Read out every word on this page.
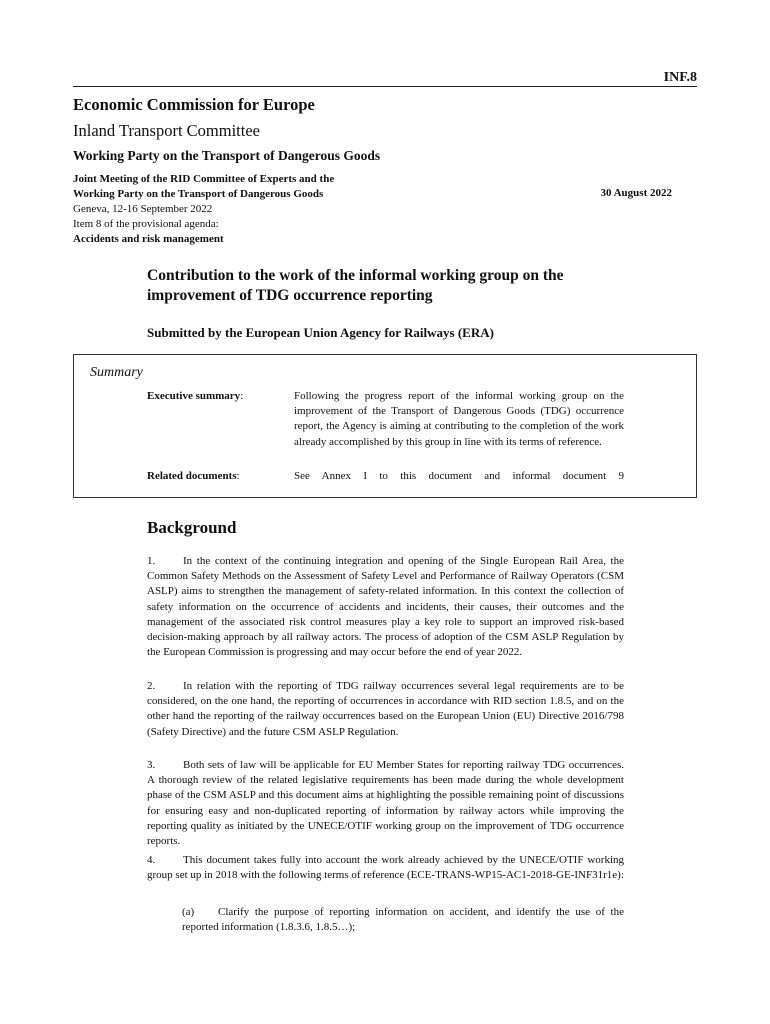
INF.8
Economic Commission for Europe
Inland Transport Committee
Working Party on the Transport of Dangerous Goods
Joint Meeting of the RID Committee of Experts and the
Working Party on the Transport of Dangerous Goods	30 August 2022
Geneva, 12-16 September 2022
Item 8 of the provisional agenda:
Accidents and risk management
Contribution to the work of the informal working group on the improvement of TDG occurrence reporting
Submitted by the European Union Agency for Railways (ERA)
Summary
Executive summary:	Following the progress report of the informal working group on the improvement of the Transport of Dangerous Goods (TDG) occurrence report, the Agency is aiming at contributing to the completion of the work already accomplished by this group in line with its terms of reference.
Related documents:	See Annex I to this document and informal document 9
Background
1.	In the context of the continuing integration and opening of the Single European Rail Area, the Common Safety Methods on the Assessment of Safety Level and Performance of Railway Operators (CSM ASLP) aims to strengthen the management of safety-related information. In this context the collection of safety information on the occurrence of accidents and incidents, their causes, their outcomes and the management of the associated risk control measures play a key role to support an improved risk-based decision-making approach by all railway actors. The process of adoption of the CSM ASLP Regulation by the European Commission is progressing and may occur before the end of year 2022.
2.	In relation with the reporting of TDG railway occurrences several legal requirements are to be considered, on the one hand, the reporting of occurrences in accordance with RID section 1.8.5, and on the other hand the reporting of the railway occurrences based on the European Union (EU) Directive 2016/798 (Safety Directive) and the future CSM ASLP Regulation.
3.	Both sets of law will be applicable for EU Member States for reporting railway TDG occurrences. A thorough review of the related legislative requirements has been made during the whole development phase of the CSM ASLP and this document aims at highlighting the possible remaining point of discussions for ensuring easy and non-duplicated reporting of information by railway actors while improving the reporting quality as initiated by the UNECE/OTIF working group on the improvement of TDG occurrence reports.
4.	This document takes fully into account the work already achieved by the UNECE/OTIF working group set up in 2018 with the following terms of reference (ECE-TRANS-WP15-AC1-2018-GE-INF31r1e):
(a) Clarify the purpose of reporting information on accident, and identify the use of the reported information (1.8.3.6, 1.8.5…);
